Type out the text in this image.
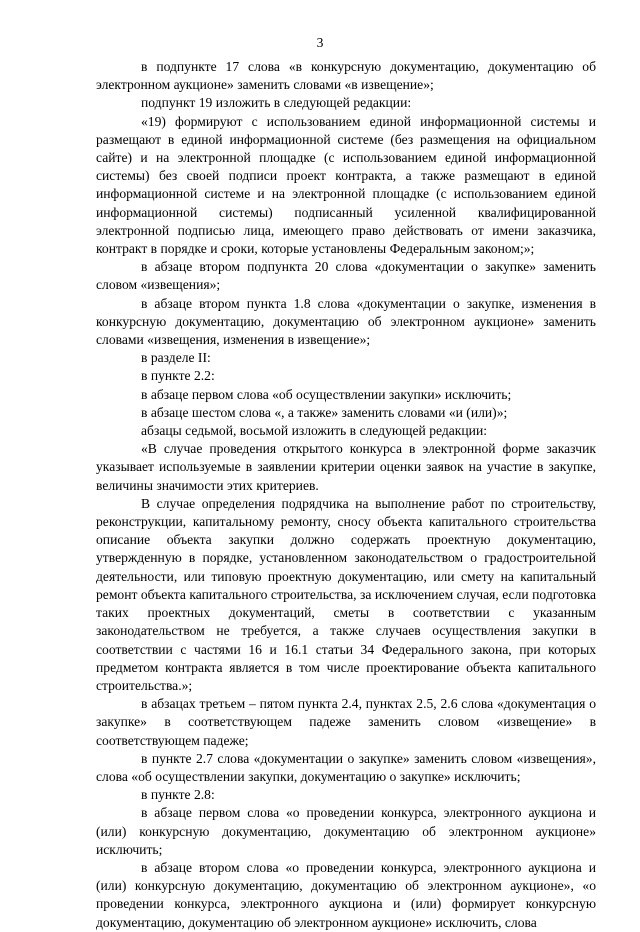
3

в подпункте 17 слова «в конкурсную документацию, документацию об электронном аукционе» заменить словами «в извещение»;

подпункт 19 изложить в следующей редакции:

«19) формируют с использованием единой информационной системы и размещают в единой информационной системе (без размещения на официальном сайте) и на электронной площадке (с использованием единой информационной системы) без своей подписи проект контракта, а также размещают в единой информационной системе и на электронной площадке (с использованием единой информационной системы) подписанный усиленной квалифицированной электронной подписью лица, имеющего право действовать от имени заказчика, контракт в порядке и сроки, которые установлены Федеральным законом;»;

в абзаце втором подпункта 20 слова «документации о закупке» заменить словом «извещения»;

в абзаце втором пункта 1.8 слова «документации о закупке, изменения в конкурсную документацию, документацию об электронном аукционе» заменить словами «извещения, изменения в извещение»;

в разделе II:

в пункте 2.2:

в абзаце первом слова «об осуществлении закупки» исключить;

в абзаце шестом слова «, а также» заменить словами «и (или)»;

абзацы седьмой, восьмой изложить в следующей редакции:

«В случае проведения открытого конкурса в электронной форме заказчик указывает используемые в заявлении критерии оценки заявок на участие в закупке, величины значимости этих критериев.

В случае определения подрядчика на выполнение работ по строительству, реконструкции, капитальному ремонту, сносу объекта капитального строительства описание объекта закупки должно содержать проектную документацию, утвержденную в порядке, установленном законодательством о градостроительной деятельности, или типовую проектную документацию, или смету на капитальный ремонт объекта капитального строительства, за исключением случая, если подготовка таких проектных документаций, сметы в соответствии с указанным законодательством не требуется, а также случаев осуществления закупки в соответствии с частями 16 и 16.1 статьи 34 Федерального закона, при которых предметом контракта является в том числе проектирование объекта капитального строительства.»;

в абзацах третьем – пятом пункта 2.4, пунктах 2.5, 2.6 слова «документация о закупке» в соответствующем падеже заменить словом «извещение» в соответствующем падеже;

в пункте 2.7 слова «документации о закупке» заменить словом «извещения», слова «об осуществлении закупки, документацию о закупке» исключить;

в пункте 2.8:

в абзаце первом слова «о проведении конкурса, электронного аукциона и (или) конкурсную документацию, документацию об электронном аукционе» исключить;

в абзаце втором слова «о проведении конкурса, электронного аукциона и (или) конкурсную документацию, документацию об электронном аукционе», «о проведении конкурса, электронного аукциона и (или) формирует конкурсную документацию, документацию об электронном аукционе» исключить, слова
